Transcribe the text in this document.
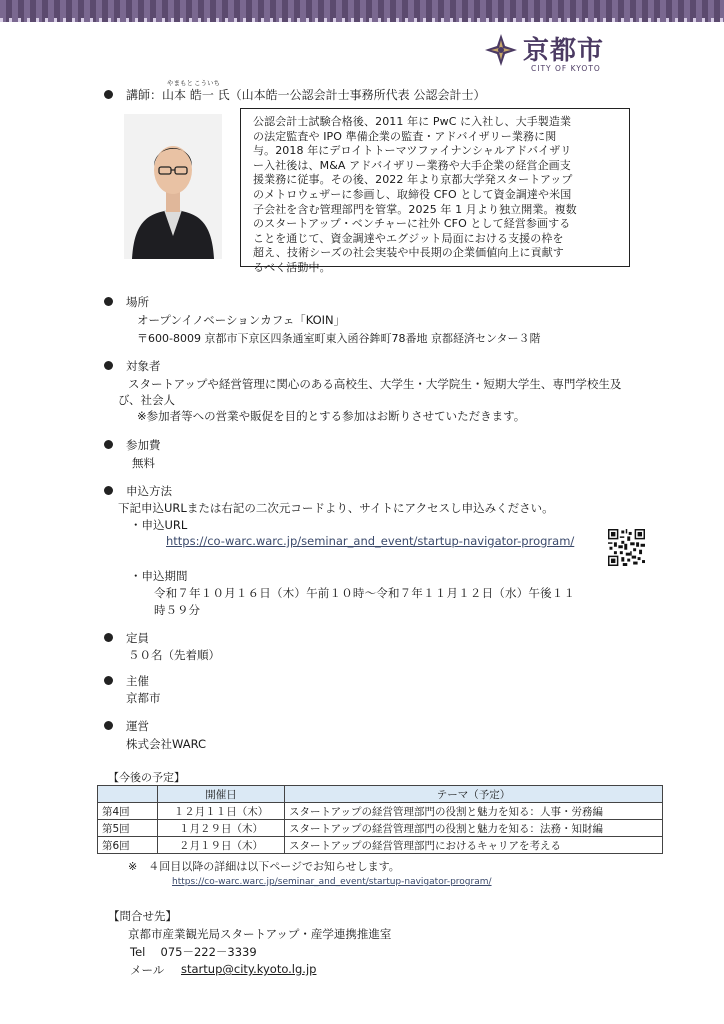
京都市
CITY OF KYOTO
やまもと こういち
講師：山本 皓一 氏（山本皓一公認会計士事務所代表 公認会計士）

公認会計士試験合格後、2011 年に PwC に入社し、大手製造業

の法定監査や IPO 準備企業の監査・アドバイザリー業務に関

与。2018 年にデロイトトーマツファイナンシャルアドバイザリ

ー入社後は、M&A アドバイザリー業務や大手企業の経営企画支

援業務に従事。その後、2022 年より京都大学発スタートアップ

のメトロウェザーに参画し、取締役 CFO として資金調達や米国

子会社を含む管理部門を管掌。2025 年 1 月より独立開業。複数

のスタートアップ・ベンチャーに社外 CFO として経営参画する

ことを通じて、資金調達やエグジット局面における支援の枠を

超え、技術シーズの社会実装や中長期の企業価値向上に貢献す

るべく活動中。

場所
オープンイノベーションカフェ「KOIN」
〒600-8009 京都市下京区四条通室町東入函谷鉾町78番地 京都経済センター３階
対象者
スタートアップや経営管理に関心のある高校生、大学生・大学院生・短期大学生、専門学校生及
び、社会人
※参加者等への営業や販促を目的とする参加はお断りさせていただきます。
参加費
無料
申込方法
下記申込URLまたは右記の二次元コードより、サイトにアクセスし申込みください。
・申込URL
https://co-warc.warc.jp/seminar_and_event/startup-navigator-program/
・申込期間
令和７年１０月１６日（木）午前１０時～令和７年１１月１２日（水）午後１１
時５９分
定員
５０名（先着順）
主催
京都市
運営
株式会社WARC
【今後の予定】
	開催日	テーマ（予定）
第4回	１２月１１日（木）	スタートアップの経営管理部門の役割と魅力を知る：人事・労務編
第5回	１月２９日（木）	スタートアップの経営管理部門の役割と魅力を知る：法務・知財編
第6回	２月１９日（木）	スタートアップの経営管理部門におけるキャリアを考える
※　４回目以降の詳細は以下ページでお知らせします。
https://co-warc.warc.jp/seminar_and_event/startup-navigator-program/
【問合せ先】
京都市産業観光局スタートアップ・産学連携推進室
Tel　 075－222－3339
メール startup@city.kyoto.lg.jp
